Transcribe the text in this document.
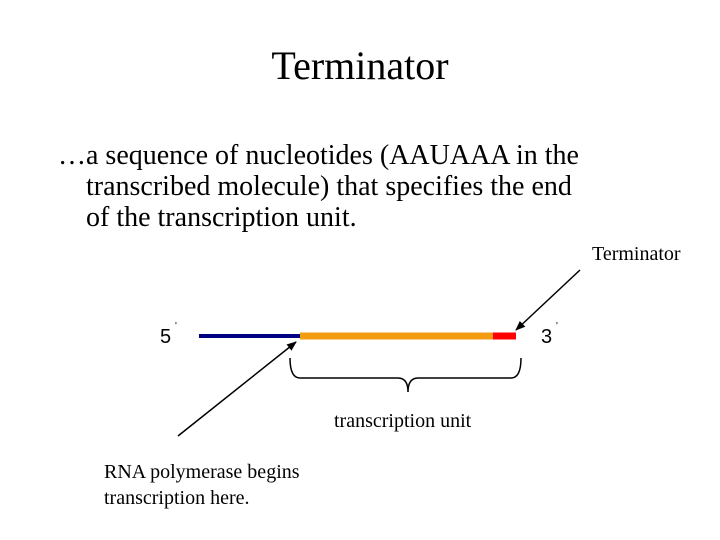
Terminator
…a sequence of nucleotides (AAUAAA in the
transcribed molecule) that specifies the end
of the transcription unit.
Terminator
5 '	3 '
transcription unit
RNA polymerase begins
transcription here.
